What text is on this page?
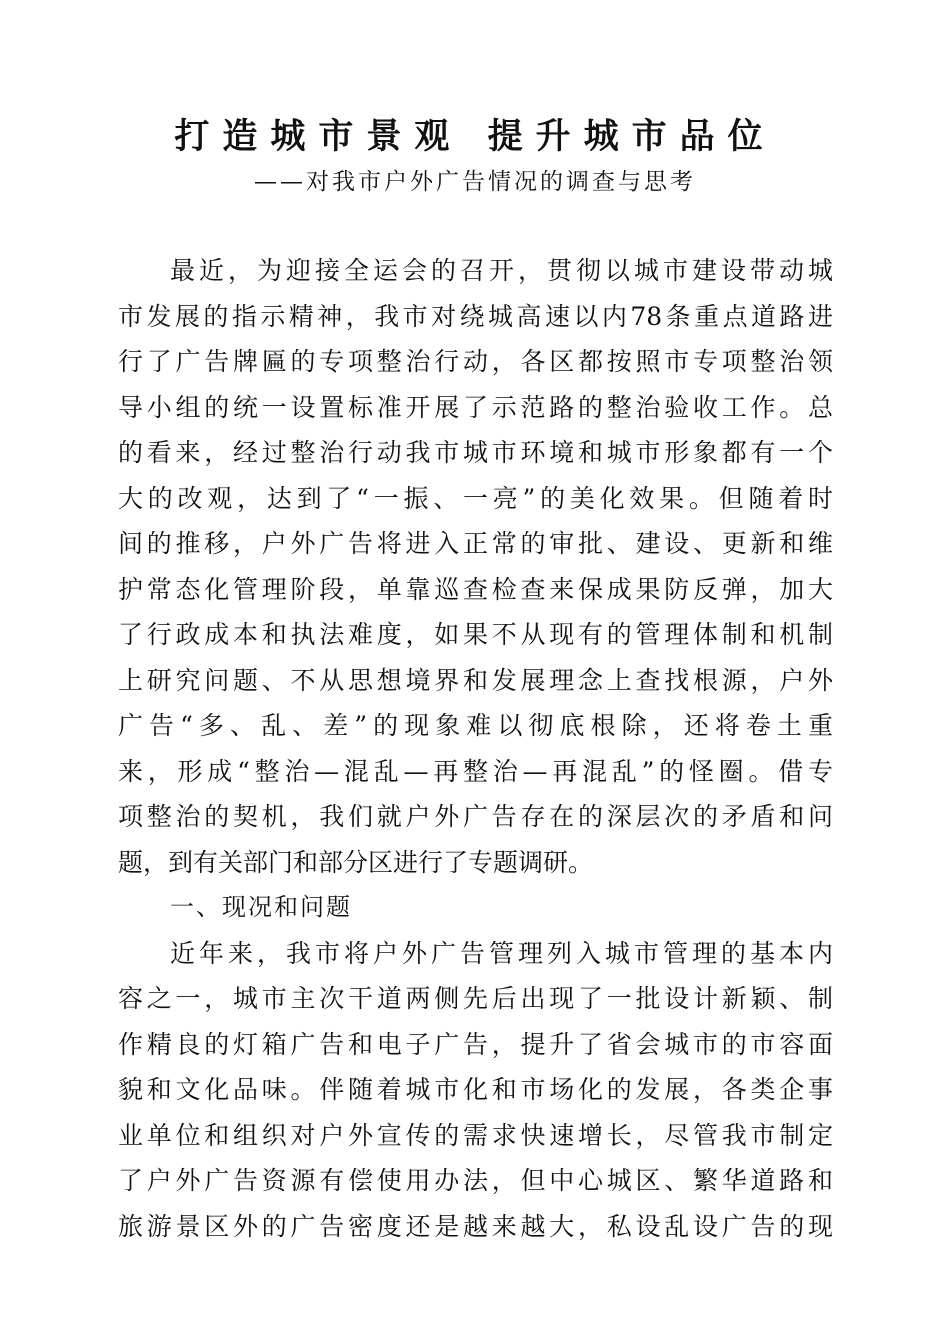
打造城市景观 提升城市品位
——对我市户外广告情况的调查与思考
最近，为迎接全运会的召开，贯彻以城市建设带动城
市发展的指示精神，我市对绕城高速以内78条重点道路进
行了广告牌匾的专项整治行动，各区都按照市专项整治领
导小组的统一设置标准开展了示范路的整治验收工作。总
的看来，经过整治行动我市城市环境和城市形象都有一个
大的改观，达到了“一振、一亮”的美化效果。但随着时
间的推移，户外广告将进入正常的审批、建设、更新和维
护常态化管理阶段，单靠巡查检查来保成果防反弹，加大
了行政成本和执法难度，如果不从现有的管理体制和机制
上研究问题、不从思想境界和发展理念上查找根源，户外
广告“多、乱、差”的现象难以彻底根除，还将卷土重
来，形成“整治—混乱—再整治—再混乱”的怪圈。借专
项整治的契机，我们就户外广告存在的深层次的矛盾和问
题，到有关部门和部分区进行了专题调研。
一、现况和问题
近年来，我市将户外广告管理列入城市管理的基本内
容之一，城市主次干道两侧先后出现了一批设计新颖、制
作精良的灯箱广告和电子广告，提升了省会城市的市容面
貌和文化品味。伴随着城市化和市场化的发展，各类企事
业单位和组织对户外宣传的需求快速增长，尽管我市制定
了户外广告资源有偿使用办法，但中心城区、繁华道路和
旅游景区外的广告密度还是越来越大，私设乱设广告的现
